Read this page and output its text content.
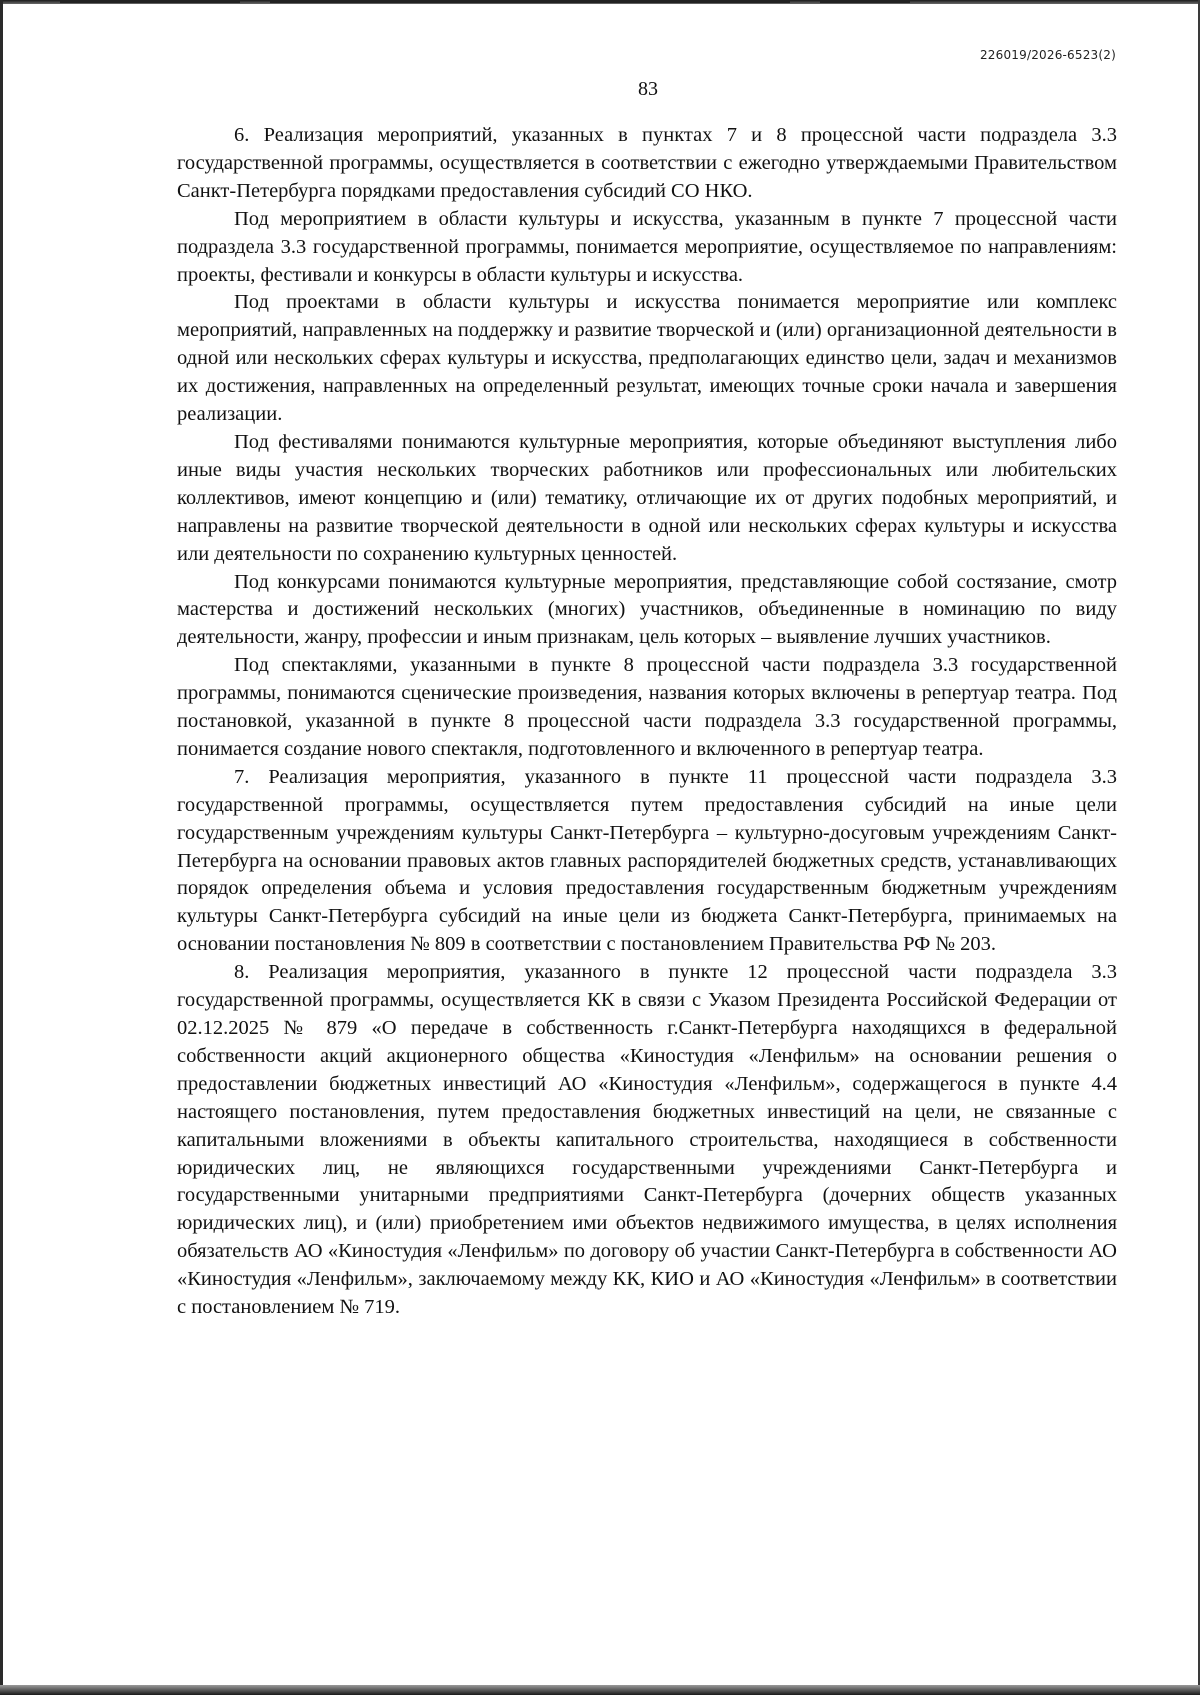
226019/2026-6523(2)
83

6. Реализация мероприятий, указанных в пунктах 7 и 8 процессной части подраздела 3.3 государственной программы, осуществляется в соответствии с ежегодно утверждаемыми Правительством Санкт-Петербурга порядками предоставления субсидий СО НКО.

Под мероприятием в области культуры и искусства, указанным в пункте 7 процессной части подраздела 3.3 государственной программы, понимается мероприятие, осуществляемое по направлениям: проекты, фестивали и конкурсы в области культуры и искусства.

Под проектами в области культуры и искусства понимается мероприятие или комплекс мероприятий, направленных на поддержку и развитие творческой и (или) организационной деятельности в одной или нескольких сферах культуры и искусства, предполагающих единство цели, задач и механизмов их достижения, направленных на определенный результат, имеющих точные сроки начала и завершения реализации.

Под фестивалями понимаются культурные мероприятия, которые объединяют выступления либо иные виды участия нескольких творческих работников или профессиональных или любительских коллективов, имеют концепцию и (или) тематику, отличающие их от других подобных мероприятий, и направлены на развитие творческой деятельности в одной или нескольких сферах культуры и искусства или деятельности по сохранению культурных ценностей.

Под конкурсами понимаются культурные мероприятия, представляющие собой состязание, смотр мастерства и достижений нескольких (многих) участников, объединенные в номинацию по виду деятельности, жанру, профессии и иным признакам, цель которых – выявление лучших участников.

Под спектаклями, указанными в пункте 8 процессной части подраздела 3.3 государственной программы, понимаются сценические произведения, названия которых включены в репертуар театра. Под постановкой, указанной в пункте 8 процессной части подраздела 3.3 государственной программы, понимается создание нового спектакля, подготовленного и включенного в репертуар театра.

7. Реализация мероприятия, указанного в пункте 11 процессной части подраздела 3.3 государственной программы, осуществляется путем предоставления субсидий на иные цели государственным учреждениям культуры Санкт-Петербурга – культурно-досуговым учреждениям Санкт-Петербурга на основании правовых актов главных распорядителей бюджетных средств, устанавливающих порядок определения объема и условия предоставления государственным бюджетным учреждениям культуры Санкт-Петербурга субсидий на иные цели из бюджета Санкт-Петербурга, принимаемых на основании постановления № 809 в соответствии с постановлением Правительства РФ № 203.

8. Реализация мероприятия, указанного в пункте 12 процессной части подраздела 3.3 государственной программы, осуществляется КК в связи с Указом Президента Российской Федерации от 02.12.2025 № 879 «О передаче в собственность г.Санкт-Петербурга находящихся в федеральной собственности акций акционерного общества «Киностудия «Ленфильм» на основании решения о предоставлении бюджетных инвестиций АО «Киностудия «Ленфильм», содержащегося в пункте 4.4 настоящего постановления, путем предоставления бюджетных инвестиций на цели, не связанные с капитальными вложениями в объекты капитального строительства, находящиеся в собственности юридических лиц, не являющихся государственными учреждениями Санкт-Петербурга и государственными унитарными предприятиями Санкт-Петербурга (дочерних обществ указанных юридических лиц), и (или) приобретением ими объектов недвижимого имущества, в целях исполнения обязательств АО «Киностудия «Ленфильм» по договору об участии Санкт-Петербурга в собственности АО «Киностудия «Ленфильм», заключаемому между КК, КИО и АО «Киностудия «Ленфильм» в соответствии с постановлением № 719.
